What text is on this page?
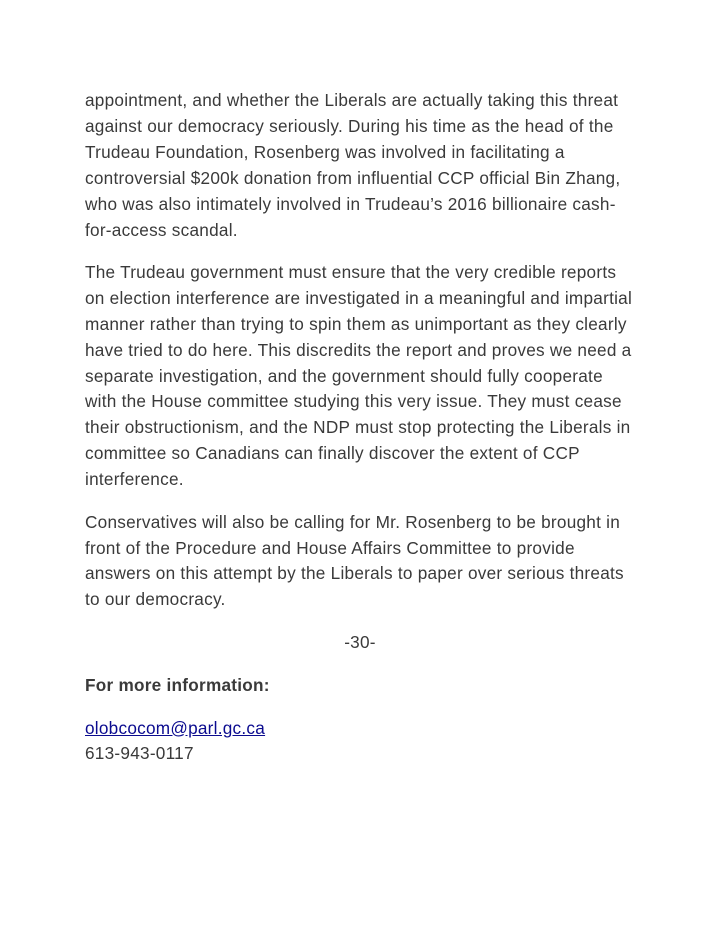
appointment, and whether the Liberals are actually taking this threat
against our democracy seriously. During his time as the head of the
Trudeau Foundation, Rosenberg was involved in facilitating a
controversial $200k donation from influential CCP official Bin Zhang,
who was also intimately involved in Trudeau’s 2016 billionaire cash-
for-access scandal.
The Trudeau government must ensure that the very credible reports
on election interference are investigated in a meaningful and impartial
manner rather than trying to spin them as unimportant as they clearly
have tried to do here. This discredits the report and proves we need a
separate investigation, and the government should fully cooperate
with the House committee studying this very issue. They must cease
their obstructionism, and the NDP must stop protecting the Liberals in
committee so Canadians can finally discover the extent of CCP
interference.
Conservatives will also be calling for Mr. Rosenberg to be brought in
front of the Procedure and House Affairs Committee to provide
answers on this attempt by the Liberals to paper over serious threats
to our democracy.
-30-
For more information:
olobcocom@parl.gc.ca
613-943-0117
